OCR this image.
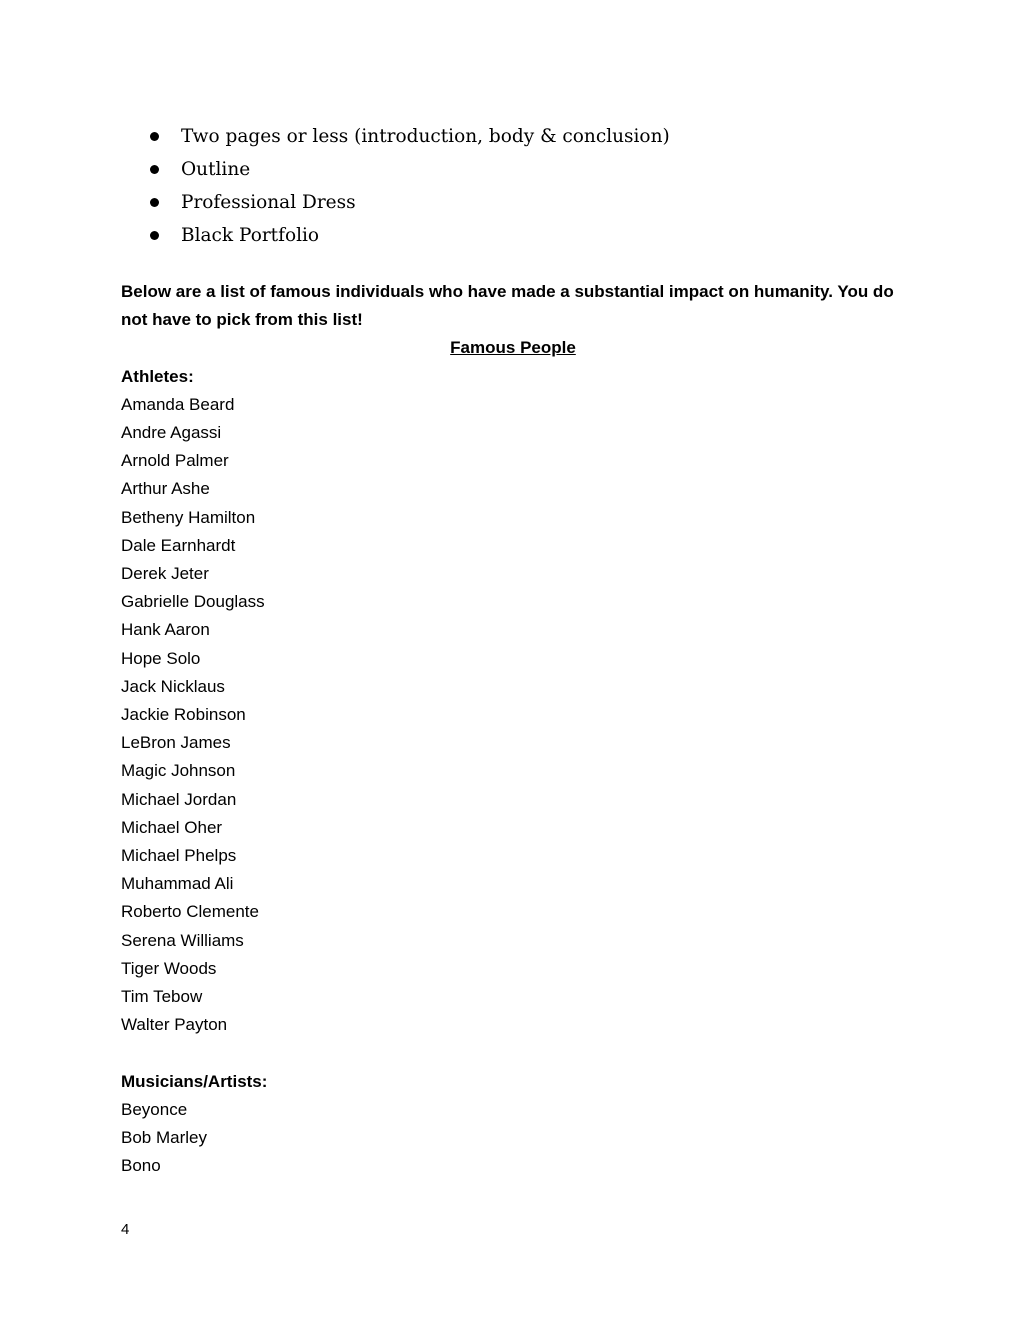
Two pages or less (introduction, body & conclusion)
Outline
Professional Dress
Black Portfolio

Below are a list of famous individuals who have made a substantial impact on humanity. You do not have to pick from this list!

Famous People

Athletes:

Amanda Beard
Andre Agassi
Arnold Palmer
Arthur Ashe
Betheny Hamilton
Dale Earnhardt
Derek Jeter
Gabrielle Douglass
Hank Aaron
Hope Solo
Jack Nicklaus
Jackie Robinson
LeBron James
Magic Johnson
Michael Jordan
Michael Oher
Michael Phelps
Muhammad Ali
Roberto Clemente
Serena Williams
Tiger Woods
Tim Tebow
Walter Payton

Musicians/Artists:

Beyonce
Bob Marley
Bono
4
